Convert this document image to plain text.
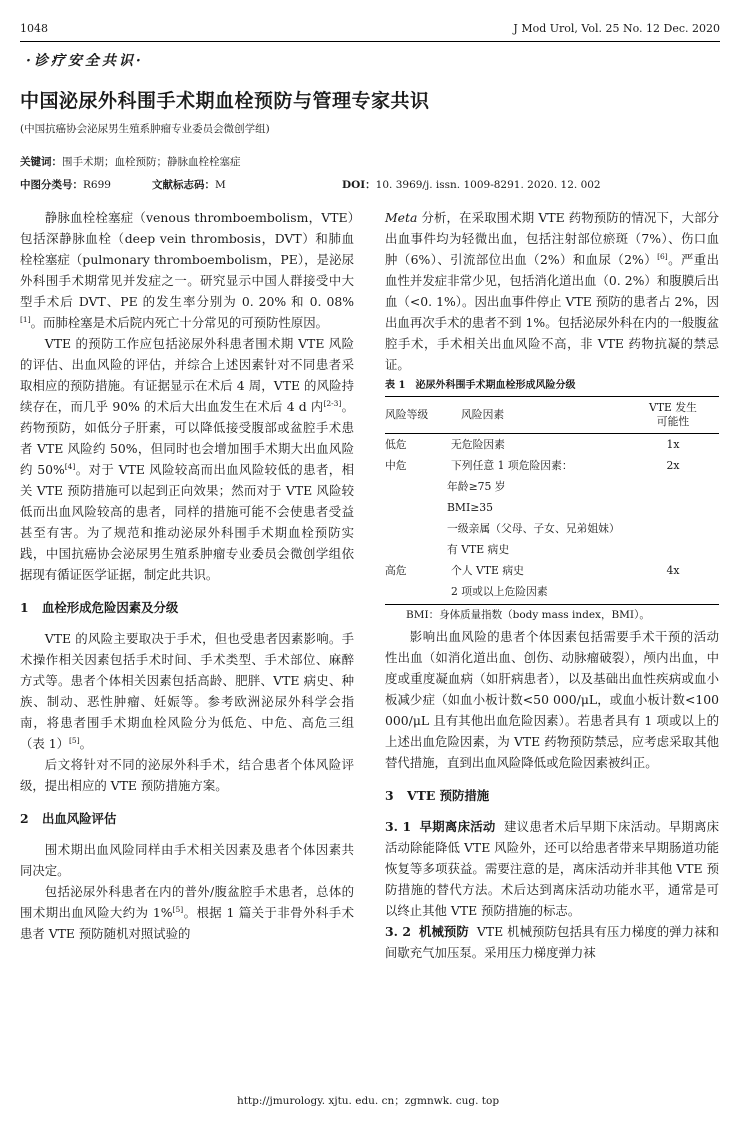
1048	J Mod Urol, Vol. 25 No. 12 Dec. 2020
·诊疗安全共识·
中国泌尿外科围手术期血栓预防与管理专家共识
(中国抗癌协会泌尿男生殖系肿瘤专业委员会微创学组)
关键词：围手术期；血栓预防；静脉血栓栓塞症
中图分类号：R699	文献标志码：M	DOI：10. 3969/j. issn. 1009-8291. 2020. 12. 002

静脉血栓栓塞症（venous thromboembolism，VTE）包括深静脉血栓（deep vein thrombosis，DVT）和肺血栓栓塞症（pulmonary thromboembolism，PE），是泌尿外科围手术期常见并发症之一。研究显示中国人群接受中大型手术后 DVT、PE 的发生率分别为 0. 20% 和 0. 08%[1]。而肺栓塞是术后院内死亡十分常见的可预防性原因。

VTE 的预防工作应包括泌尿外科患者围术期 VTE 风险的评估、出血风险的评估，并综合上述因素针对不同患者采取相应的预防措施。有证据显示在术后 4 周，VTE 的风险持续存在，而几乎 90% 的术后大出血发生在术后 4 d 内[2-3]。药物预防，如低分子肝素，可以降低接受腹部或盆腔手术患者 VTE 风险约 50%，但同时也会增加围手术期大出血风险约 50%[4]。对于 VTE 风险较高而出血风险较低的患者，相关 VTE 预防措施可以起到正向效果；然而对于 VTE 风险较低而出血风险较高的患者，同样的措施可能不会使患者受益甚至有害。为了规范和推动泌尿外科围手术期血栓预防实践，中国抗癌协会泌尿男生殖系肿瘤专业委员会微创学组依据现有循证医学证据，制定此共识。

1 血栓形成危险因素及分级

VTE 的风险主要取决于手术，但也受患者因素影响。手术操作相关因素包括手术时间、手术类型、手术部位、麻醉方式等。患者个体相关因素包括高龄、肥胖、VTE 病史、种族、制动、恶性肿瘤、妊娠等。参考欧洲泌尿外科学会指南，将患者围手术期血栓风险分为低危、中危、高危三组（表 1）[5]。

后文将针对不同的泌尿外科手术，结合患者个体风险评级，提出相应的 VTE 预防措施方案。

2 出血风险评估

围术期出血风险同样由手术相关因素及患者个体因素共同决定。

包括泌尿外科患者在内的普外/腹盆腔手术患者，总体的围术期出血风险大约为 1%[5]。根据 1 篇关于非骨外科手术患者 VTE 预防随机对照试验的

Meta 分析，在采取围术期 VTE 药物预防的情况下，大部分出血事件均为轻微出血，包括注射部位瘀斑（7%）、伤口血肿（6%）、引流部位出血（2%）和血尿（2%）[6]。严重出血性并发症非常少见，包括消化道出血（0. 2%）和腹膜后出血（<0. 1%）。因出血事件停止 VTE 预防的患者占 2%，因出血再次手术的患者不到 1%。包括泌尿外科在内的一般腹盆腔手术，手术相关出血风险不高，非 VTE 药物抗凝的禁忌证。

表 1　泌尿外科围手术期血栓形成风险分级

风险等级	风险因素	VTE 发生
可能性
低危	无危险因素	1x
中危	下列任意 1 项危险因素：	2x
	年龄≥75 岁	
	BMI≥35	
	一级亲属（父母、子女、兄弟姐妹）	
	有 VTE 病史	
高危	个人 VTE 病史	4x
	2 项或以上危险因素	

BMI：身体质量指数（body mass index，BMI）。

影响出血风险的患者个体因素包括需要手术干预的活动性出血（如消化道出血、创伤、动脉瘤破裂），颅内出血，中度或重度凝血病（如肝病患者），以及基础出血性疾病或血小板减少症（如血小板计数<50 000/μL，或血小板计数<100 000/μL 且有其他出血危险因素）。若患者具有 1 项或以上的上述出血危险因素，为 VTE 药物预防禁忌，应考虑采取其他替代措施，直到出血风险降低或危险因素被纠正。

3 VTE 预防措施

3. 1 早期离床活动 建议患者术后早期下床活动。早期离床活动除能降低 VTE 风险外，还可以给患者带来早期肠道功能恢复等多项获益。需要注意的是，离床活动并非其他 VTE 预防措施的替代方法。术后达到离床活动功能水平，通常是可以终止其他 VTE 预防措施的标志。

3. 2 机械预防 VTE 机械预防包括具有压力梯度的弹力袜和间歇充气加压泵。采用压力梯度弹力袜

http://jmurology. xjtu. edu. cn；zgmnwk. cug. top
